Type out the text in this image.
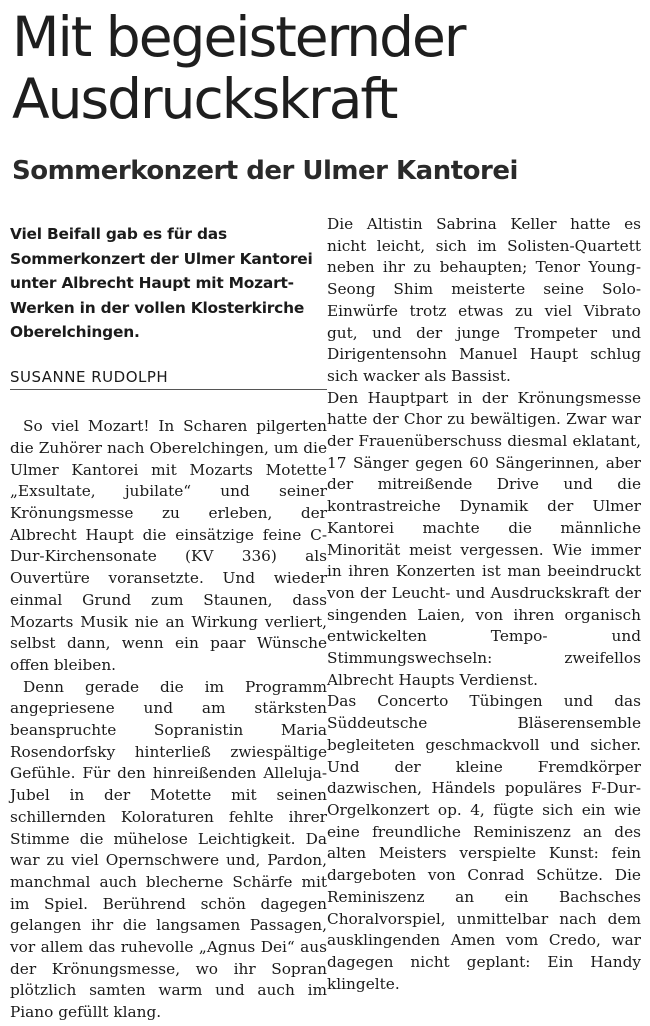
Mit begeisternder Ausdruckskraft
Sommerkonzert der Ulmer Kantorei

Viel Beifall gab es für das Sommerkonzert der Ulmer Kantorei unter Albrecht Haupt mit Mozart-Werken in der vollen Klosterkirche Oberelchingen.

SUSANNE RUDOLPH

So viel Mozart! In Scharen pilgerten die Zuhörer nach Oberelchingen, um die Ulmer Kantorei mit Mozarts Motette „Exsultate, jubilate“ und seiner Krönungsmesse zu erleben, der Albrecht Haupt die einsätzige feine C-Dur-Kirchensonate (KV 336) als Ouvertüre voransetzte. Und wieder einmal Grund zum Staunen, dass Mozarts Musik nie an Wirkung verliert, selbst dann, wenn ein paar Wünsche offen bleiben.

Denn gerade die im Programm angepriesene und am stärksten beanspruchte Sopranistin Maria Rosendorfsky hinterließ zwiespältige Gefühle. Für den hinreißenden Alleluja-Jubel in der Motette mit seinen schillernden Koloraturen fehlte ihrer Stimme die mühelose Leichtigkeit. Da war zu viel Opernschwere und, Pardon, manchmal auch blecherne Schärfe mit im Spiel. Berührend schön dagegen gelangen ihr die langsamen Passagen, vor allem das ruhevolle „Agnus Dei“ aus der Krönungsmesse, wo ihr Sopran plötzlich samten warm und auch im Piano gefüllt klang.

Die Altistin Sabrina Keller hatte es nicht leicht, sich im Solisten-Quartett neben ihr zu behaupten; Tenor Young-Seong Shim meisterte seine Solo-Einwürfe trotz etwas zu viel Vibrato gut, und der junge Trompeter und Dirigentensohn Manuel Haupt schlug sich wacker als Bassist.

Den Hauptpart in der Krönungsmesse hatte der Chor zu bewältigen. Zwar war der Frauenüberschuss diesmal eklatant, 17 Sänger gegen 60 Sängerinnen, aber der mitreißende Drive und die kontrastreiche Dynamik der Ulmer Kantorei machte die männliche Minorität meist vergessen. Wie immer in ihren Konzerten ist man beeindruckt von der Leucht- und Ausdruckskraft der singenden Laien, von ihren organisch entwickelten Tempo- und Stimmungswechseln: zweifellos Albrecht Haupts Verdienst.

Das Concerto Tübingen und das Süddeutsche Bläserensemble begleiteten geschmackvoll und sicher. Und der kleine Fremdkörper dazwischen, Händels populäres F-Dur-Orgelkonzert op. 4, fügte sich ein wie eine freundliche Reminiszenz an des alten Meisters verspielte Kunst: fein dargeboten von Conrad Schütze. Die Reminiszenz an ein Bachsches Choralvorspiel, unmittelbar nach dem ausklingenden Amen vom Credo, war dagegen nicht geplant: Ein Handy klingelte.
